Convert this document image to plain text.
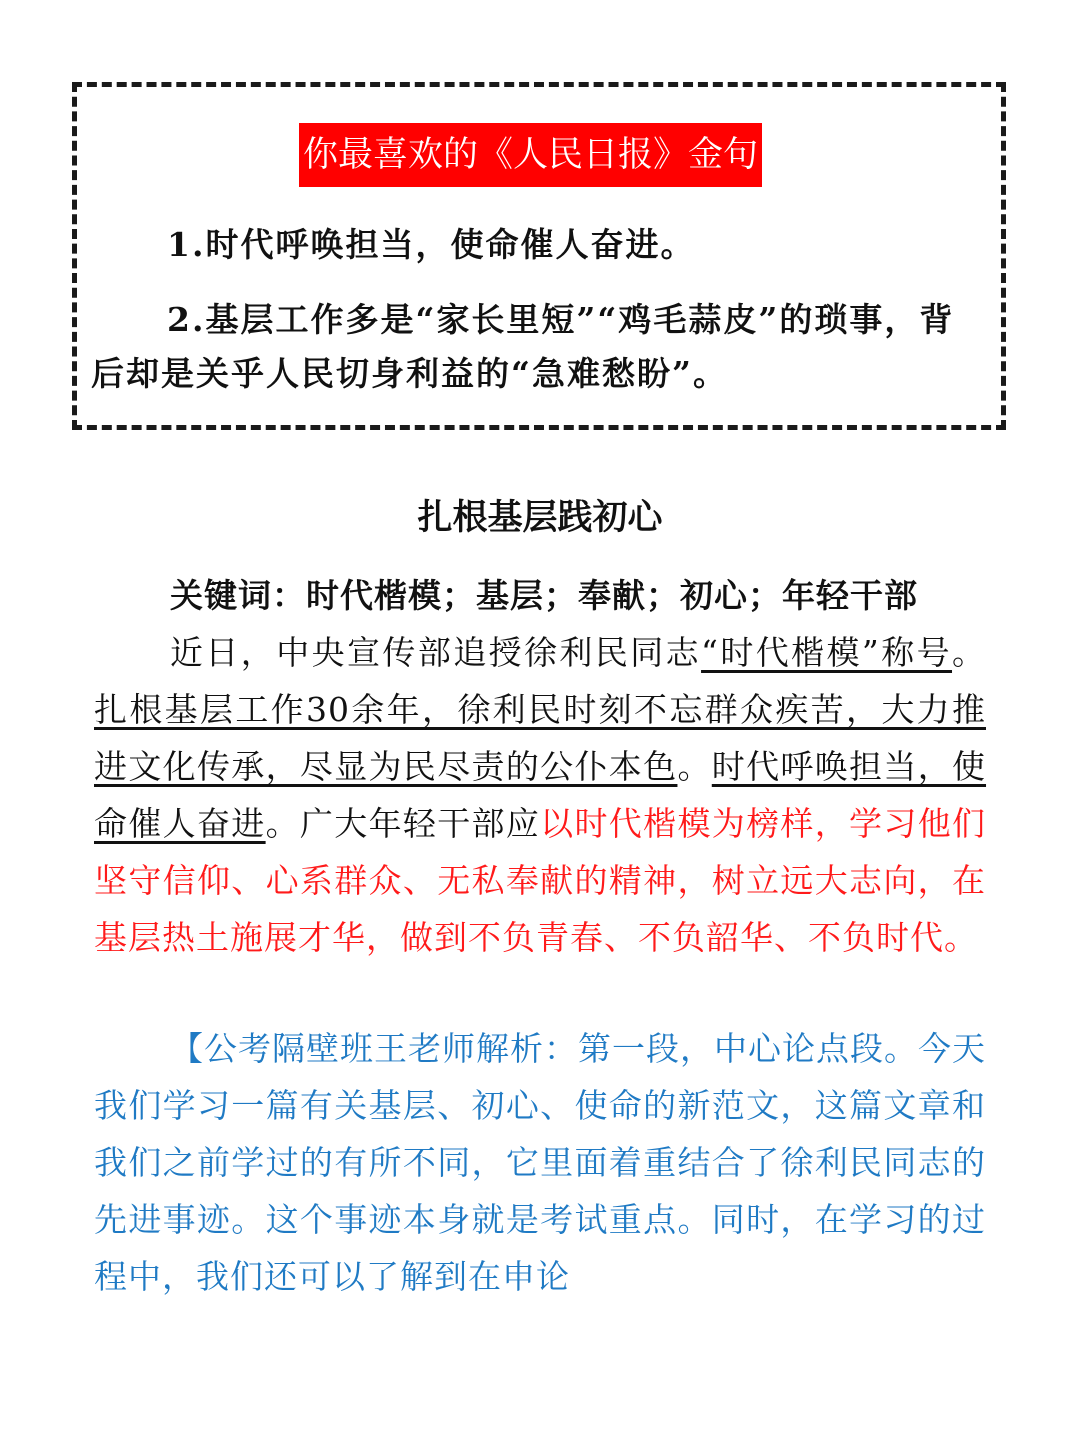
你最喜欢的《人民日报》金句

1.时代呼唤担当，使命催人奋进。

2.基层工作多是“家长里短”“鸡毛蒜皮”的琐事，背后却是关乎人民切身利益的“急难愁盼”。

扎根基层践初心

关键词：时代楷模；基层；奉献；初心；年轻干部

近日，中央宣传部追授徐利民同志“时代楷模”称号。扎根基层工作30余年，徐利民时刻不忘群众疾苦，大力推进文化传承，尽显为民尽责的公仆本色。时代呼唤担当，使命催人奋进。广大年轻干部应以时代楷模为榜样，学习他们坚守信仰、心系群众、无私奉献的精神，树立远大志向，在基层热土施展才华，做到不负青春、不负韶华、不负时代。

【公考隔壁班王老师解析：第一段，中心论点段。今天我们学习一篇有关基层、初心、使命的新范文，这篇文章和我们之前学过的有所不同，它里面着重结合了徐利民同志的先进事迹。这个事迹本身就是考试重点。同时，在学习的过程中，我们还可以了解到在申论
